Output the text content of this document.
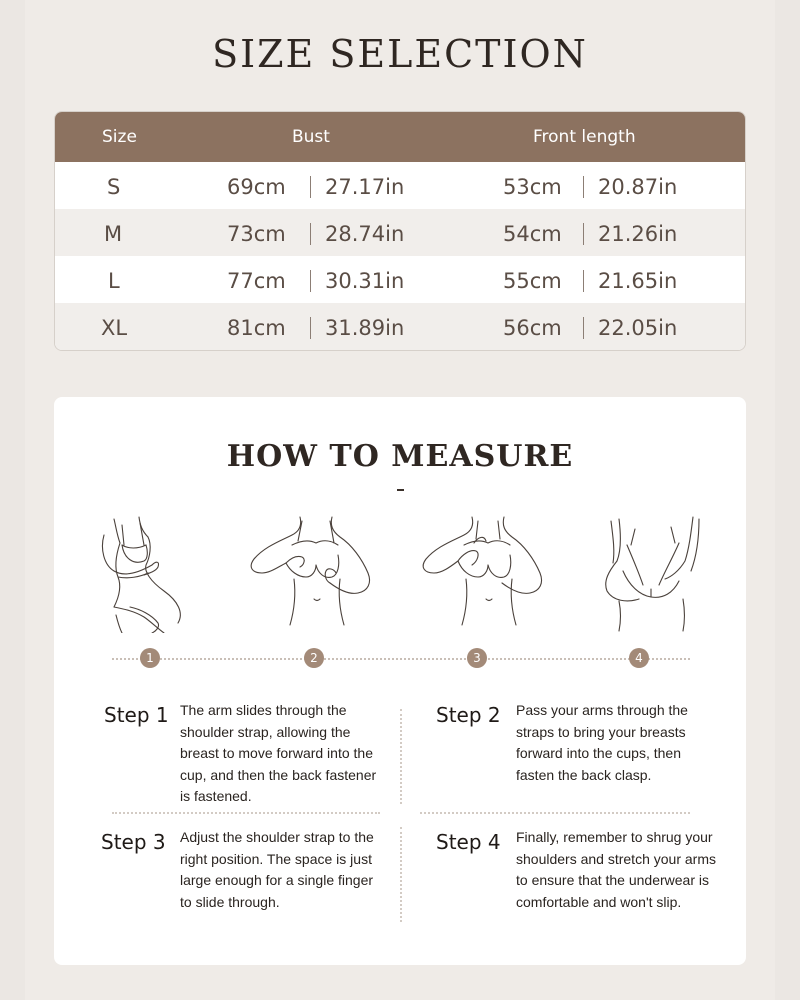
SIZE SELECTION
Size	Bust	Front length
S	69cm 27.17in	53cm 20.87in
M	73cm 28.74in	54cm 21.26in
L	77cm 30.31in	55cm 21.65in
XL	81cm 31.89in	56cm 22.05in
HOW TO MEASURE
1	2	3	4
Step 1 The arm slides through the shoulder strap, allowing the breast to move forward into the cup, and then the back fastener is fastened.
Step 2 Pass your arms through the straps to bring your breasts forward into the cups, then fasten the back clasp.
Step 3 Adjust the shoulder strap to the right position. The space is just large enough for a single finger to slide through.
Step 4 Finally, remember to shrug your shoulders and stretch your arms to ensure that the underwear is comfortable and won't slip.
